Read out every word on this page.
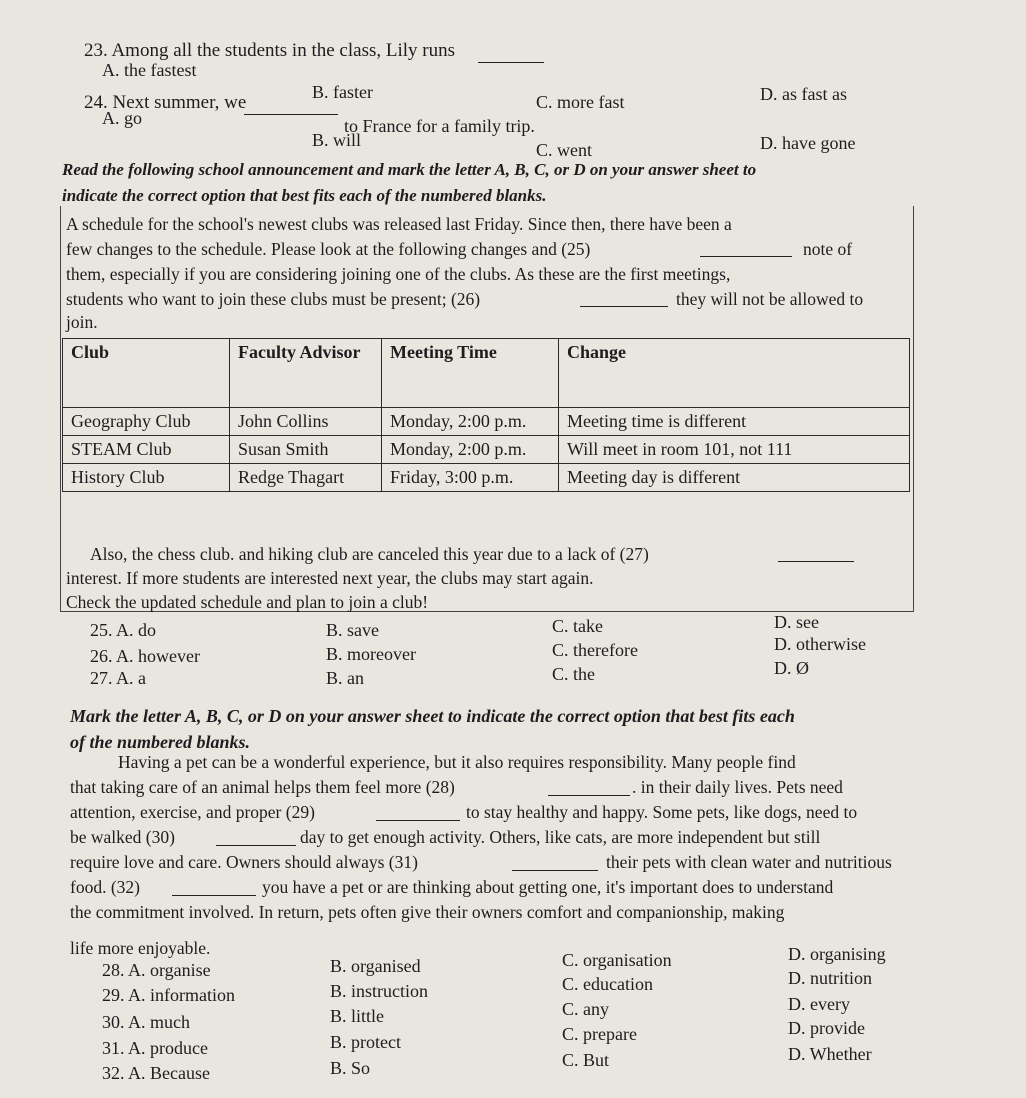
23. Among all the students in the class, Lily runs
A. the fastest
B. faster	C. more fast	D. as fast as
24. Next summer, we
to France for a family trip.
A. go
B. will	C. went	D. have gone
Read the following school announcement and mark the letter A, B, C, or D on your answer sheet to
indicate the correct option that best fits each of the numbered blanks.
A schedule for the school's newest clubs was released last Friday. Since then, there have been a
few changes to the schedule. Please look at the following changes and (25)	note of
them, especially if you are considering joining one of the clubs. As these are the first meetings,
students who want to join these clubs must be present; (26)	they will not be allowed to
join.
Club	Faculty Advisor	Meeting Time	Change
Geography Club	John Collins	Monday, 2:00 p.m.	Meeting time is different
STEAM Club	Susan Smith	Monday, 2:00 p.m.	Will meet in room 101, not 111
History Club	Redge Thagart	Friday, 3:00 p.m.	Meeting day is different
Also, the chess club. and hiking club are canceled this year due to a lack of (27)
interest. If more students are interested next year, the clubs may start again.
Check the updated schedule and plan to join a club!
25. A. do	B. save	C. take	D. see
26. A. however	B. moreover	C. therefore	D. otherwise
27. A. a	B. an	C. the	D. Ø
Mark the letter A, B, C, or D on your answer sheet to indicate the correct option that best fits each
of the numbered blanks.
Having a pet can be a wonderful experience, but it also requires responsibility. Many people find
that taking care of an animal helps them feel more (28)	. in their daily lives. Pets need
attention, exercise, and proper (29)	to stay healthy and happy. Some pets, like dogs, need to
be walked (30)	day to get enough activity. Others, like cats, are more independent but still
require love and care. Owners should always (31)	their pets with clean water and nutritious
food. (32)	you have a pet or are thinking about getting one, it's important does to understand
the commitment involved. In return, pets often give their owners comfort and companionship, making
life more enjoyable.
28. A. organise	B. organised	C. organisation	D. organising
29. A. information	B. instruction	C. education	D. nutrition
30. A. much	B. little	C. any	D. every
31. A. produce	B. protect	C. prepare	D. provide
32. A. Because	B. So	C. But	D. Whether
